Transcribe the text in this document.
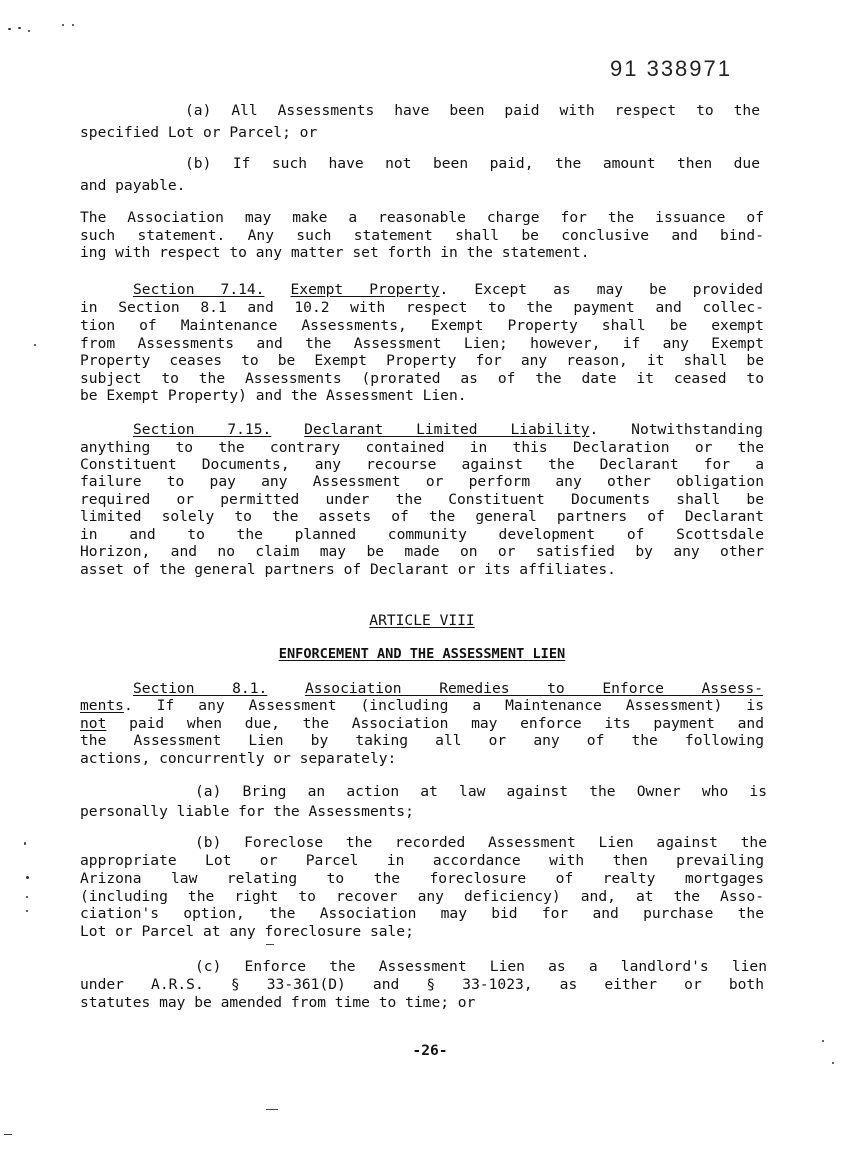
91 338971

(a) All Assessments have been paid with respect to the

specified Lot or Parcel; or

(b) If such have not been paid, the amount then due

and payable.

The Association may make a reasonable charge for the issuance of

such statement. Any such statement shall be conclusive and bind-

ing with respect to any matter set forth in the statement.

Section 7.14. Exempt Property. Except as may be provided

in Section 8.1 and 10.2 with respect to the payment and collec-

tion of Maintenance Assessments, Exempt Property shall be exempt

from Assessments and the Assessment Lien; however, if any Exempt

Property ceases to be Exempt Property for any reason, it shall be

subject to the Assessments (prorated as of the date it ceased to

be Exempt Property) and the Assessment Lien.

Section 7.15. Declarant Limited Liability. Notwithstanding

anything to the contrary contained in this Declaration or the

Constituent Documents, any recourse against the Declarant for a

failure to pay any Assessment or perform any other obligation

required or permitted under the Constituent Documents shall be

limited solely to the assets of the general partners of Declarant

in and to the planned community development of Scottsdale

Horizon, and no claim may be made on or satisfied by any other

asset of the general partners of Declarant or its affiliates.

ARTICLE VIII

ENFORCEMENT AND THE ASSESSMENT LIEN

Section 8.1.	Association Remedies to Enforce Assess-

ments. If any Assessment (including a Maintenance Assessment) is

not paid when due, the Association may enforce its payment and

the Assessment Lien by taking all or any of the following

actions, concurrently or separately:

(a) Bring an action at law against the Owner who is

personally liable for the Assessments;

(b) Foreclose the recorded Assessment Lien against the

appropriate Lot or Parcel in accordance with then prevailing

Arizona law relating to the foreclosure of realty mortgages

(including the right to recover any deficiency) and, at the Asso-

ciation's option, the Association may bid for and purchase the

Lot or Parcel at any foreclosure sale;

(c) Enforce the Assessment Lien as a landlord's lien

under A.R.S. § 33-361(D) and § 33-1023, as either or both

statutes may be amended from time to time; or

-26-
